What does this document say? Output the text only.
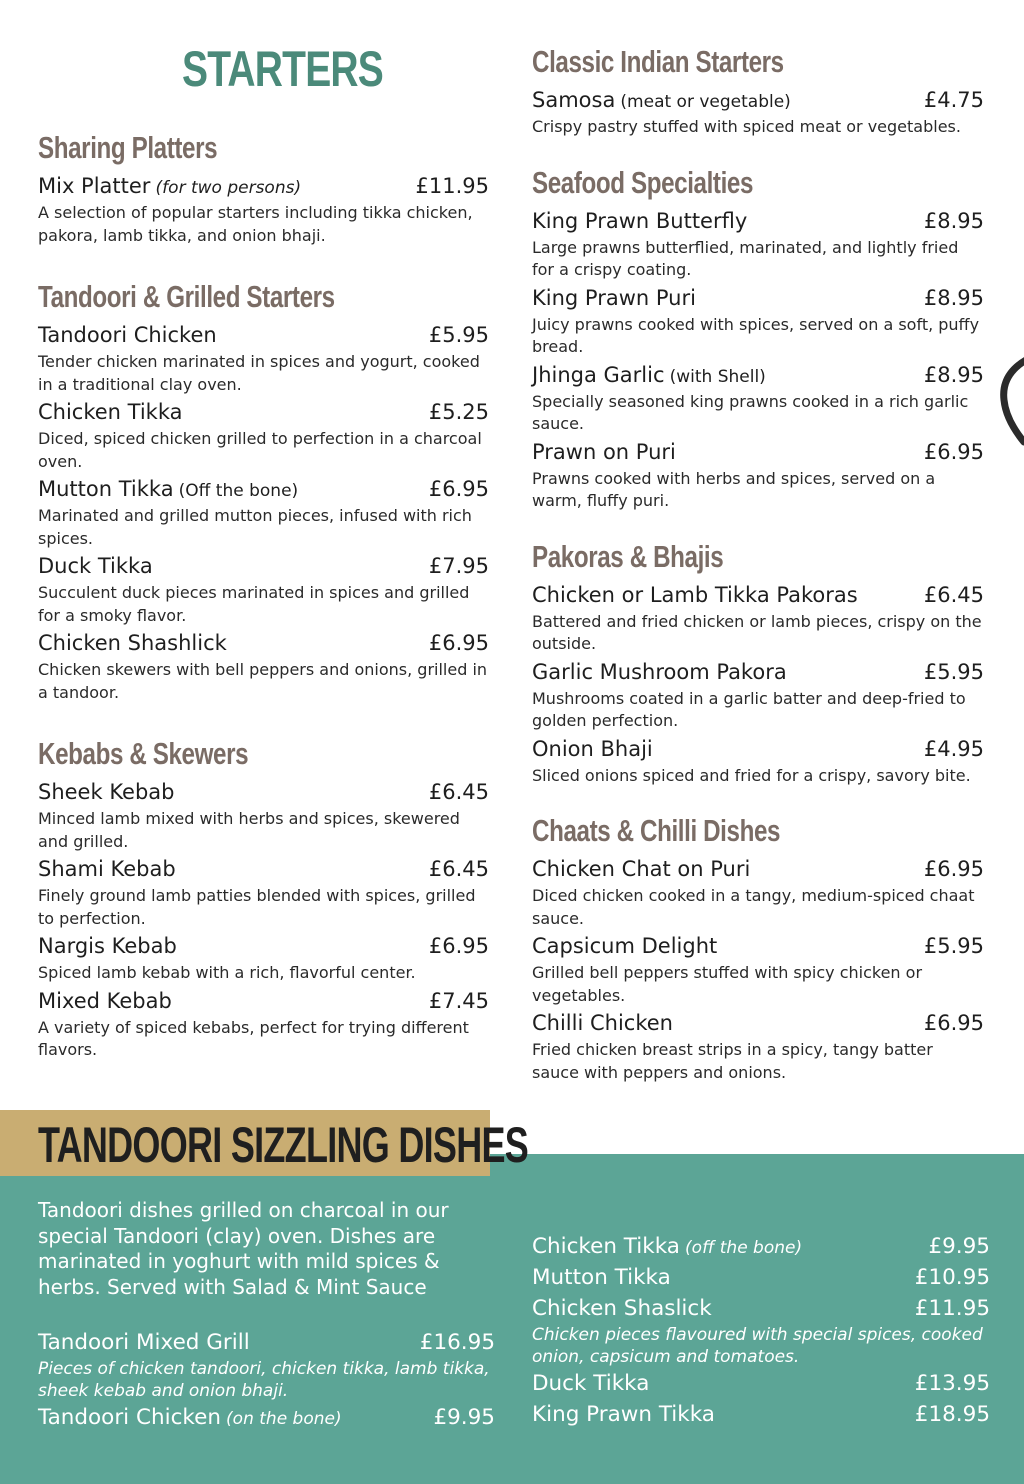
STARTERS
Sharing Platters
Mix Platter (for two persons)	£11.95
A selection of popular starters including tikka chicken, pakora, lamb tikka, and onion bhaji.
Tandoori & Grilled Starters
Tandoori Chicken	£5.95
Tender chicken marinated in spices and yogurt, cooked in a traditional clay oven.
Chicken Tikka	£5.25
Diced, spiced chicken grilled to perfection in a charcoal oven.
Mutton Tikka (Off the bone)	£6.95
Marinated and grilled mutton pieces, infused with rich spices.
Duck Tikka	£7.95
Succulent duck pieces marinated in spices and grilled for a smoky flavor.
Chicken Shashlick	£6.95
Chicken skewers with bell peppers and onions, grilled in a tandoor.
Kebabs & Skewers
Sheek Kebab	£6.45
Minced lamb mixed with herbs and spices, skewered and grilled.
Shami Kebab	£6.45
Finely ground lamb patties blended with spices, grilled to perfection.
Nargis Kebab	£6.95
Spiced lamb kebab with a rich, flavorful center.
Mixed Kebab	£7.45
A variety of spiced kebabs, perfect for trying different flavors.
Classic Indian Starters
Samosa (meat or vegetable)	£4.75
Crispy pastry stuffed with spiced meat or vegetables.
Seafood Specialties
King Prawn Butterfly	£8.95
Large prawns butterflied, marinated, and lightly fried for a crispy coating.
King Prawn Puri	£8.95
Juicy prawns cooked with spices, served on a soft, puffy bread.
Jhinga Garlic (with Shell)	£8.95
Specially seasoned king prawns cooked in a rich garlic sauce.
Prawn on Puri	£6.95
Prawns cooked with herbs and spices, served on a warm, fluffy puri.
Pakoras & Bhajis
Chicken or Lamb Tikka Pakoras	£6.45
Battered and fried chicken or lamb pieces, crispy on the outside.
Garlic Mushroom Pakora	£5.95
Mushrooms coated in a garlic batter and deep-fried to golden perfection.
Onion Bhaji	£4.95
Sliced onions spiced and fried for a crispy, savory bite.
Chaats & Chilli Dishes
Chicken Chat on Puri	£6.95
Diced chicken cooked in a tangy, medium-spiced chaat sauce.
Capsicum Delight	£5.95
Grilled bell peppers stuffed with spicy chicken or vegetables.
Chilli Chicken	£6.95
Fried chicken breast strips in a spicy, tangy batter sauce with peppers and onions.
TANDOORI SIZZLING DISHES
Tandoori dishes grilled on charcoal in our special Tandoori (clay) oven. Dishes are marinated in yoghurt with mild spices & herbs. Served with Salad & Mint Sauce
Tandoori Mixed Grill	£16.95
Pieces of chicken tandoori, chicken tikka, lamb tikka, sheek kebab and onion bhaji.
Tandoori Chicken (on the bone)	£9.95
Chicken Tikka (off the bone)	£9.95
Mutton Tikka	£10.95
Chicken Shaslick	£11.95
Chicken pieces flavoured with special spices, cooked onion, capsicum and tomatoes.
Duck Tikka	£13.95
King Prawn Tikka	£18.95
